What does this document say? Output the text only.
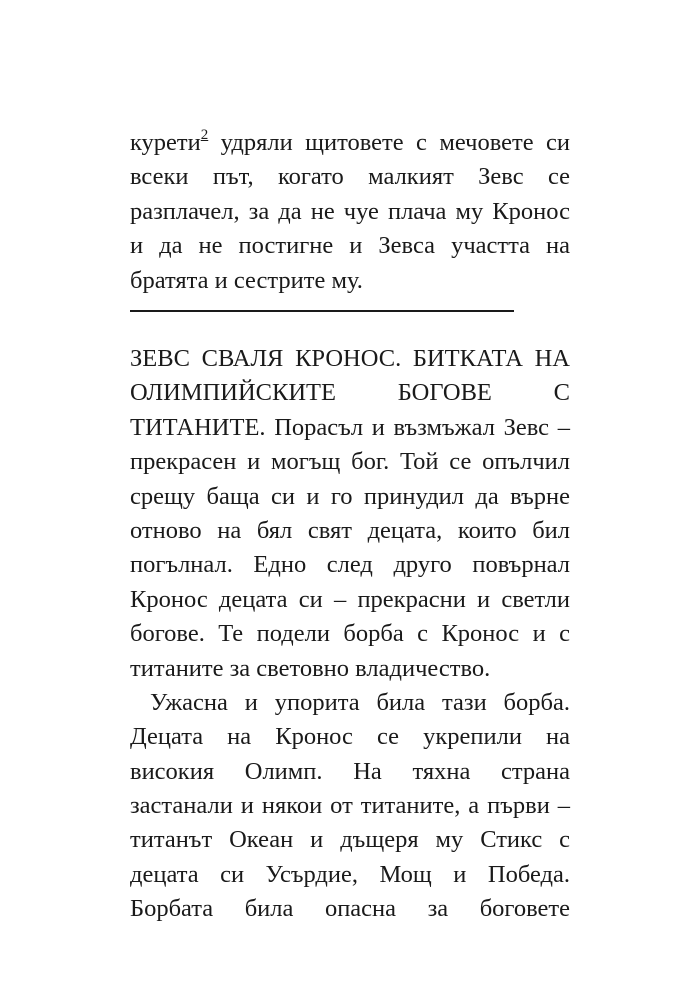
курети$^2$ удряли щитовете с мечовете си
всеки път, когато малкият Зевс се
разплачел, за да не чуе плача му Кронос
и да не постигне и Зевса участта на
братята и сестрите му.
ЗЕВС СВАЛЯ КРОНОС. БИТКАТА НА
ОЛИМПИЙСКИТЕ БОГОВЕ С
ТИТАНИТЕ. Порасъл и възмъжал Зевс –
прекрасен и могъщ бог. Той се опълчил
срещу баща си и го принудил да върне
отново на бял свят децата, които бил
погълнал. Едно след друго повърнал
Кронос децата си – прекрасни и светли
богове. Те подели борба с Кронос и с
титаните за световно владичество.
Ужасна и упорита била тази борба.
Децата на Кронос се укрепили на
високия Олимп. На тяхна страна
застанали и някои от титаните, а първи –
титанът Океан и дъщеря му Стикс с
децата си Усърдие, Мощ и Победа.
Борбата била опасна за боговете
